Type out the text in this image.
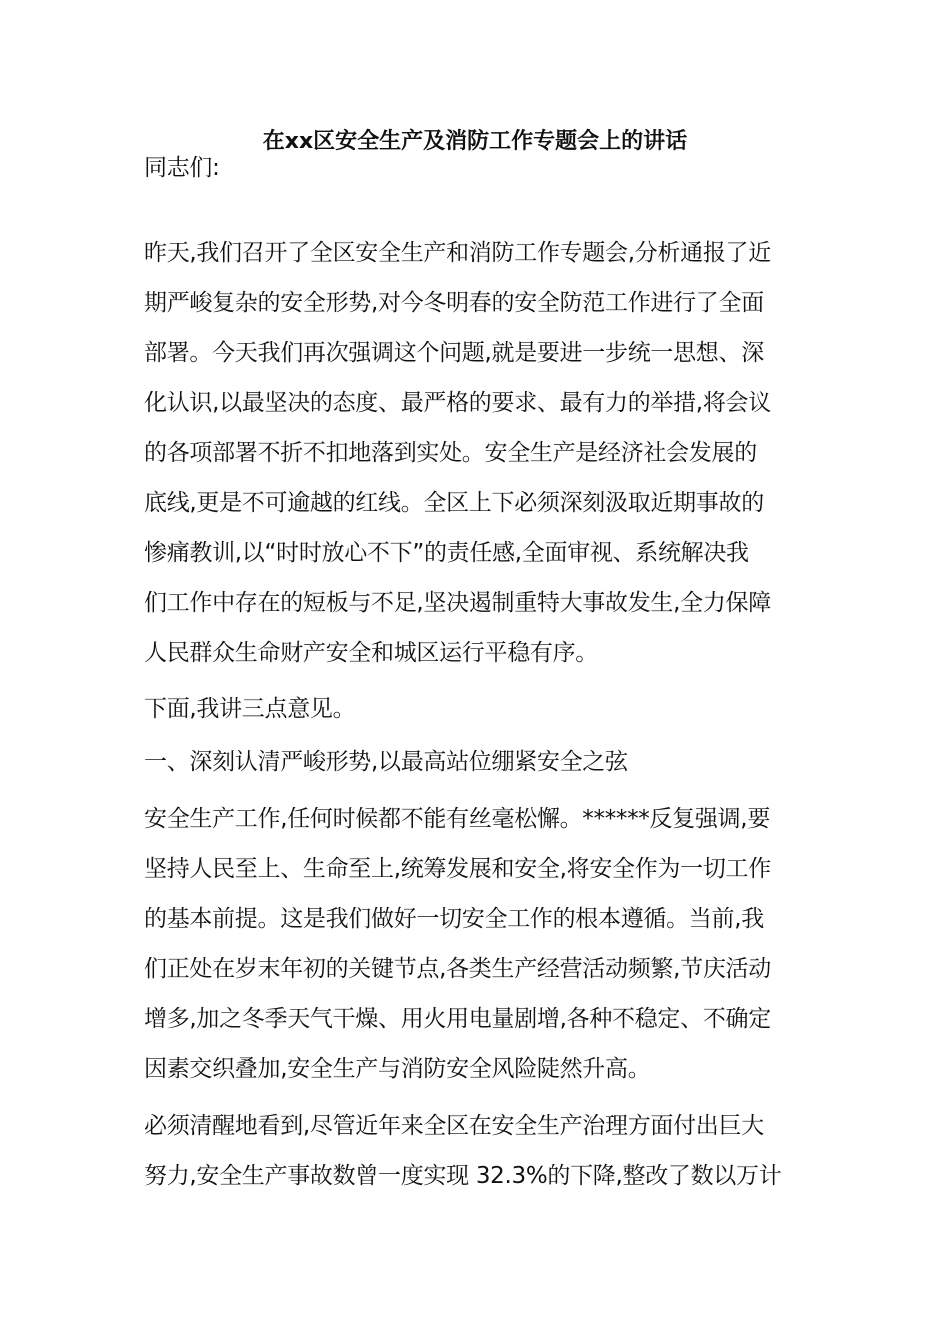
在xx区安全生产及消防工作专题会上的讲话

同志们:

昨天,我们召开了全区安全生产和消防工作专题会,分析通报了近
期严峻复杂的安全形势,对今冬明春的安全防范工作进行了全面
部署。今天我们再次强调这个问题,就是要进一步统一思想、深
化认识,以最坚决的态度、最严格的要求、最有力的举措,将会议
的各项部署不折不扣地落到实处。安全生产是经济社会发展的
底线,更是不可逾越的红线。全区上下必须深刻汲取近期事故的
惨痛教训,以“时时放心不下”的责任感,全面审视、系统解决我
们工作中存在的短板与不足,坚决遏制重特大事故发生,全力保障
人民群众生命财产安全和城区运行平稳有序。

下面,我讲三点意见。

一、深刻认清严峻形势,以最高站位绷紧安全之弦

安全生产工作,任何时候都不能有丝毫松懈。******反复强调,要
坚持人民至上、生命至上,统筹发展和安全,将安全作为一切工作
的基本前提。这是我们做好一切安全工作的根本遵循。当前,我
们正处在岁末年初的关键节点,各类生产经营活动频繁,节庆活动
增多,加之冬季天气干燥、用火用电量剧增,各种不稳定、不确定
因素交织叠加,安全生产与消防安全风险陡然升高。

必须清醒地看到,尽管近年来全区在安全生产治理方面付出巨大
努力,安全生产事故数曾一度实现 32.3%的下降,整改了数以万计
